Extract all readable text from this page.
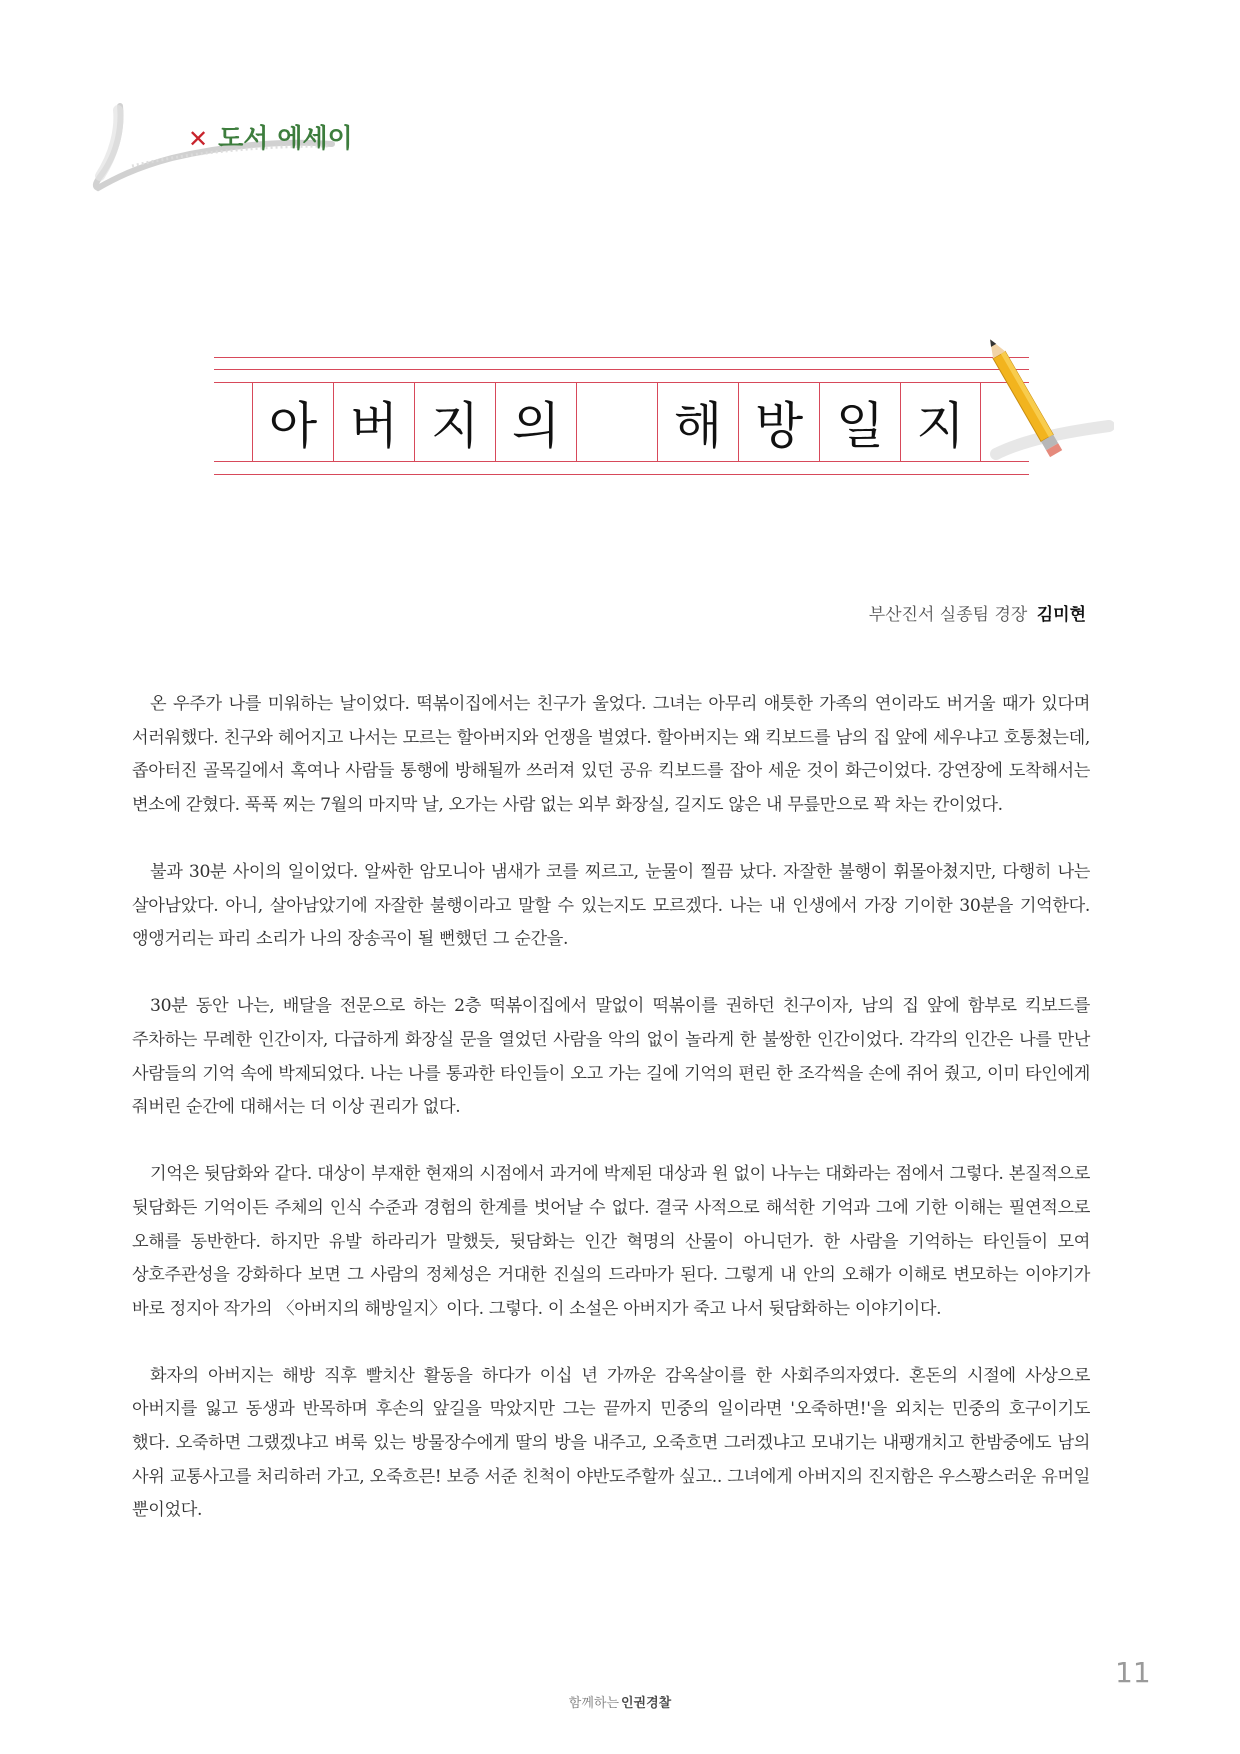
✕ 도서 에세이
아 버 지 의	해 방 일 지
부산진서 실종팀 경장 김미현

온 우주가 나를 미워하는 날이었다. 떡볶이집에서는 친구가 울었다. 그녀는 아무리 애틋한 가족의 연이라도 버거울 때가 있다며 서러워했다. 친구와 헤어지고 나서는 모르는 할아버지와 언쟁을 벌였다. 할아버지는 왜 킥보드를 남의 집 앞에 세우냐고 호통쳤는데, 좁아터진 골목길에서 혹여나 사람들 통행에 방해될까 쓰러져 있던 공유 킥보드를 잡아 세운 것이 화근이었다. 강연장에 도착해서는 변소에 갇혔다. 푹푹 찌는 7월의 마지막 날, 오가는 사람 없는 외부 화장실, 길지도 않은 내 무릎만으로 꽉 차는 칸이었다.

불과 30분 사이의 일이었다. 알싸한 암모니아 냄새가 코를 찌르고, 눈물이 찔끔 났다. 자잘한 불행이 휘몰아쳤지만, 다행히 나는 살아남았다. 아니, 살아남았기에 자잘한 불행이라고 말할 수 있는지도 모르겠다. 나는 내 인생에서 가장 기이한 30분을 기억한다. 앵앵거리는 파리 소리가 나의 장송곡이 될 뻔했던 그 순간을.

30분 동안 나는, 배달을 전문으로 하는 2층 떡볶이집에서 말없이 떡볶이를 권하던 친구이자, 남의 집 앞에 함부로 킥보드를 주차하는 무례한 인간이자, 다급하게 화장실 문을 열었던 사람을 악의 없이 놀라게 한 불쌍한 인간이었다. 각각의 인간은 나를 만난 사람들의 기억 속에 박제되었다. 나는 나를 통과한 타인들이 오고 가는 길에 기억의 편린 한 조각씩을 손에 쥐어 줬고, 이미 타인에게 줘버린 순간에 대해서는 더 이상 권리가 없다.

기억은 뒷담화와 같다. 대상이 부재한 현재의 시점에서 과거에 박제된 대상과 원 없이 나누는 대화라는 점에서 그렇다. 본질적으로 뒷담화든 기억이든 주체의 인식 수준과 경험의 한계를 벗어날 수 없다. 결국 사적으로 해석한 기억과 그에 기한 이해는 필연적으로 오해를 동반한다. 하지만 유발 하라리가 말했듯, 뒷담화는 인간 혁명의 산물이 아니던가. 한 사람을 기억하는 타인들이 모여 상호주관성을 강화하다 보면 그 사람의 정체성은 거대한 진실의 드라마가 된다. 그렇게 내 안의 오해가 이해로 변모하는 이야기가 바로 정지아 작가의 〈아버지의 해방일지〉이다. 그렇다. 이 소설은 아버지가 죽고 나서 뒷담화하는 이야기이다.

화자의 아버지는 해방 직후 빨치산 활동을 하다가 이십 년 가까운 감옥살이를 한 사회주의자였다. 혼돈의 시절에 사상으로 아버지를 잃고 동생과 반목하며 후손의 앞길을 막았지만 그는 끝까지 민중의 일이라면 '오죽하면!'을 외치는 민중의 호구이기도 했다. 오죽하면 그랬겠냐고 벼룩 있는 방물장수에게 딸의 방을 내주고, 오죽흐면 그러겠냐고 모내기는 내팽개치고 한밤중에도 남의 사위 교통사고를 처리하러 가고, 오죽흐믄! 보증 서준 친척이 야반도주할까 싶고.. 그녀에게 아버지의 진지함은 우스꽝스러운 유머일 뿐이었다.

11
함께하는 인권경찰
